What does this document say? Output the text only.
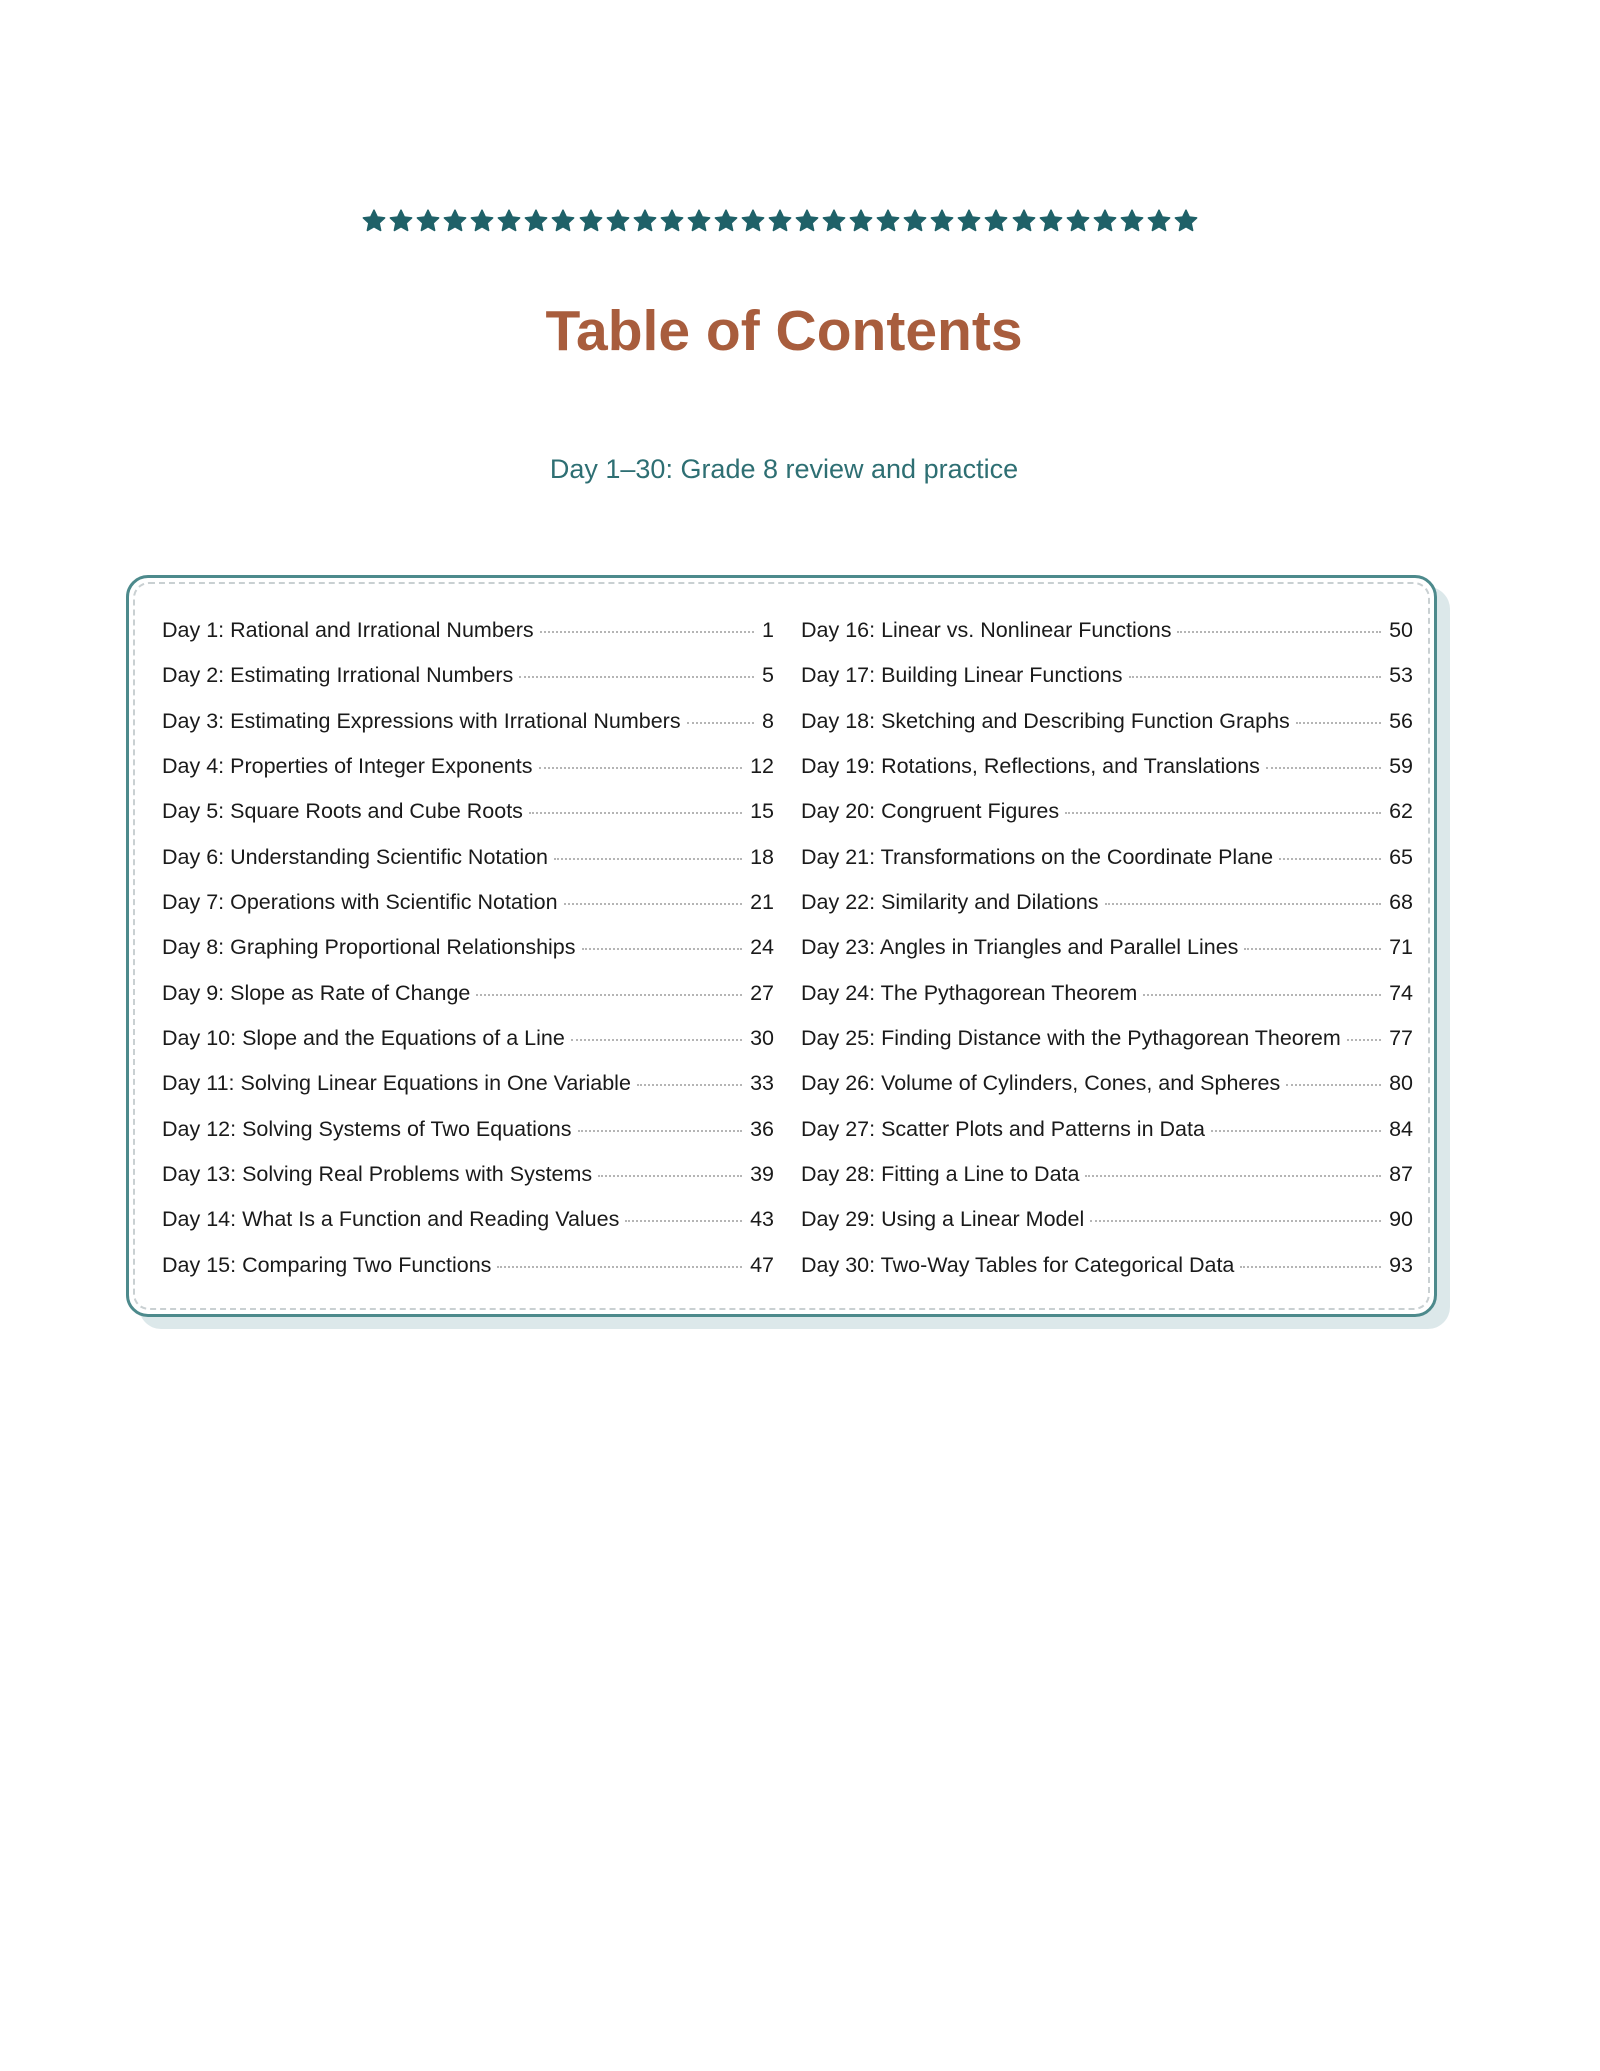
Table of Contents

Day 1–30: Grade 8 review and practice

Day 1: Rational and Irrational Numbers	1
Day 2: Estimating Irrational Numbers	5
Day 3: Estimating Expressions with Irrational Numbers	8
Day 4: Properties of Integer Exponents	12
Day 5: Square Roots and Cube Roots	15
Day 6: Understanding Scientific Notation	18
Day 7: Operations with Scientific Notation	21
Day 8: Graphing Proportional Relationships	24
Day 9: Slope as Rate of Change	27
Day 10: Slope and the Equations of a Line	30
Day 11: Solving Linear Equations in One Variable	33
Day 12: Solving Systems of Two Equations	36
Day 13: Solving Real Problems with Systems	39
Day 14: What Is a Function and Reading Values	43
Day 15: Comparing Two Functions	47
Day 16: Linear vs. Nonlinear Functions	50
Day 17: Building Linear Functions	53
Day 18: Sketching and Describing Function Graphs	56
Day 19: Rotations, Reflections, and Translations	59
Day 20: Congruent Figures	62
Day 21: Transformations on the Coordinate Plane	65
Day 22: Similarity and Dilations	68
Day 23: Angles in Triangles and Parallel Lines	71
Day 24: The Pythagorean Theorem	74
Day 25: Finding Distance with the Pythagorean Theorem 77
Day 26: Volume of Cylinders, Cones, and Spheres	80
Day 27: Scatter Plots and Patterns in Data	84
Day 28: Fitting a Line to Data	87
Day 29: Using a Linear Model	90
Day 30: Two-Way Tables for Categorical Data	93
